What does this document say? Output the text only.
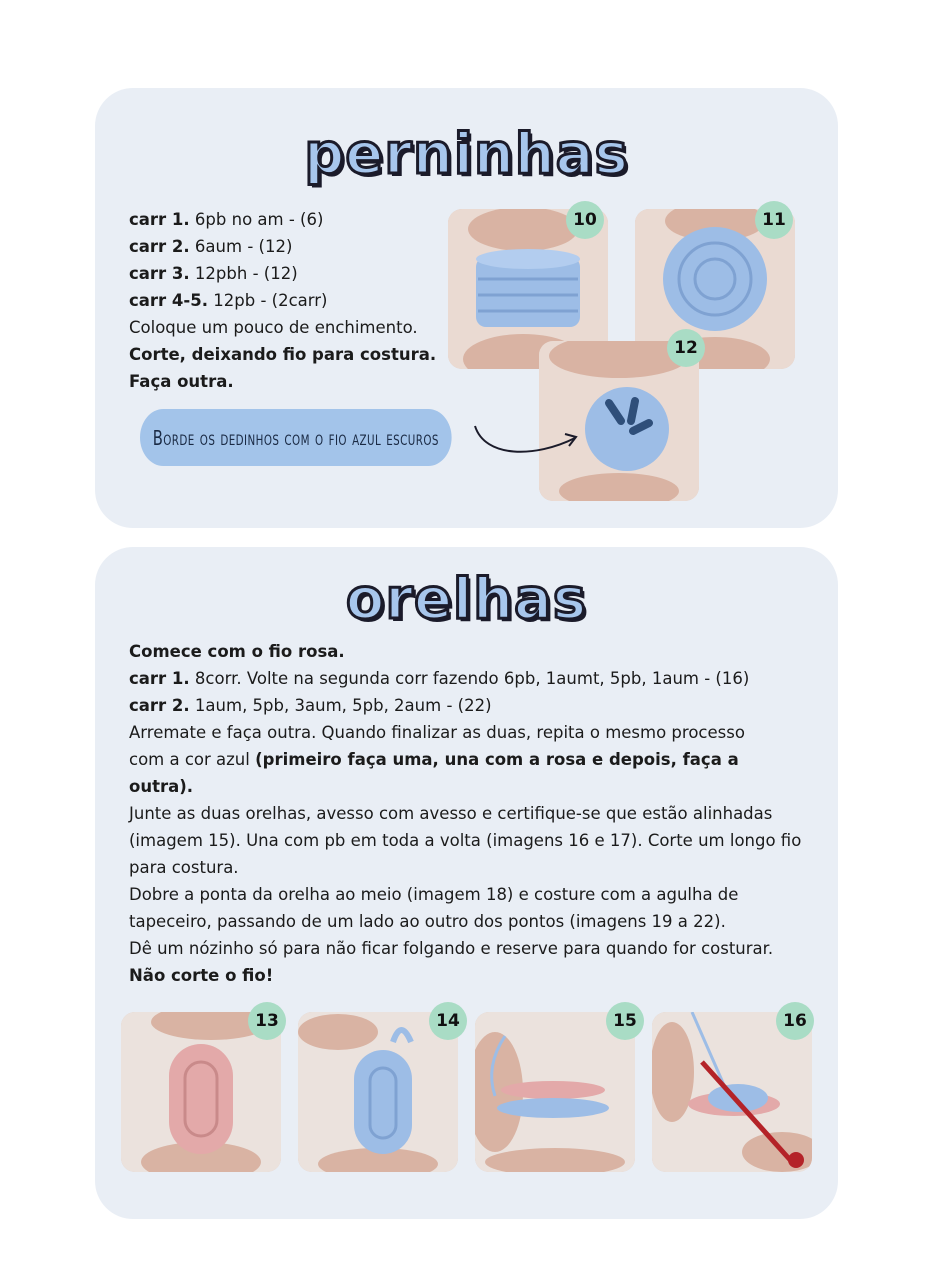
perninhas
carr 1. 6pb no am - (6)
carr 2. 6aum - (12)
carr 3. 12pbh - (12)
carr 4-5. 12pb - (2carr)
Coloque um pouco de enchimento.
Corte, deixando fio para costura.
Faça outra.
10	11
12
Borde os dedinhos com o fio azul escuros
orelhas
Comece com o fio rosa.
carr 1. 8corr. Volte na segunda corr fazendo 6pb, 1aumt, 5pb, 1aum - (16)
carr 2. 1aum, 5pb, 3aum, 5pb, 2aum - (22)
Arremate e faça outra. Quando finalizar as duas, repita o mesmo processo
com a cor azul (primeiro faça uma, una com a rosa e depois, faça a
outra).
Junte as duas orelhas, avesso com avesso e certifique-se que estão alinhadas
(imagem 15). Una com pb em toda a volta (imagens 16 e 17). Corte um longo fio
para costura.
Dobre a ponta da orelha ao meio (imagem 18) e costure com a agulha de
tapeceiro, passando de um lado ao outro dos pontos (imagens 19 a 22).
Dê um nózinho só para não ficar folgando e reserve para quando for costurar.
Não corte o fio!
13	14	15	16
